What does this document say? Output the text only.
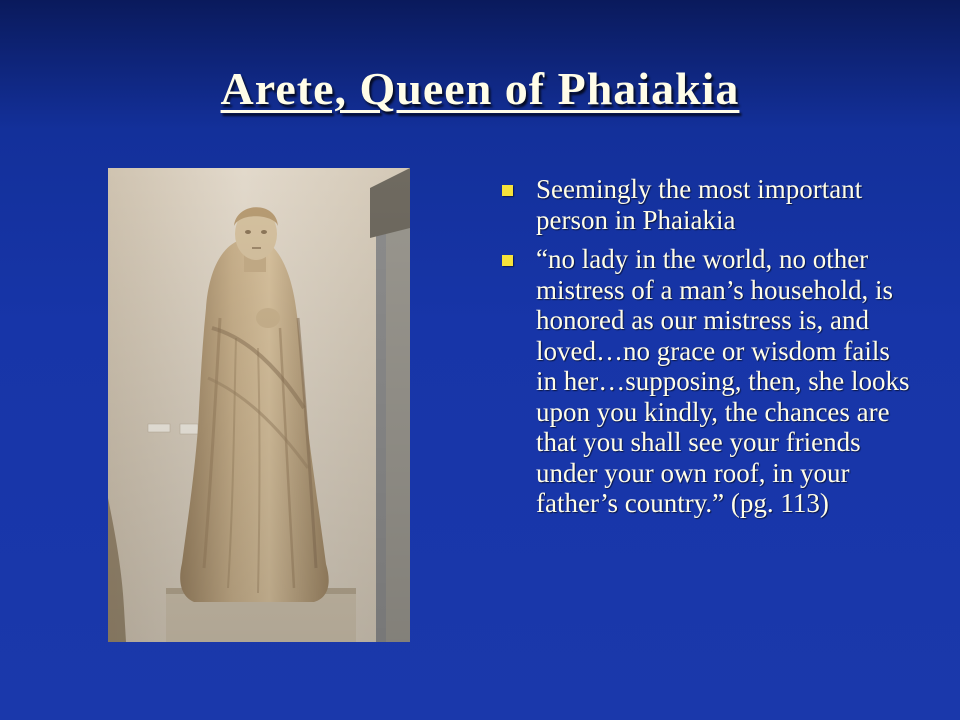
Arete, Queen of Phaiakia
Seemingly the most important person in Phaiakia
“no lady in the world, no other mistress of a man’s household, is honored as our mistress is, and loved…no grace or wisdom fails in her…supposing, then, she looks upon you kindly, the chances are that you shall see your friends under your own roof, in your father’s country.” (pg. 113)
